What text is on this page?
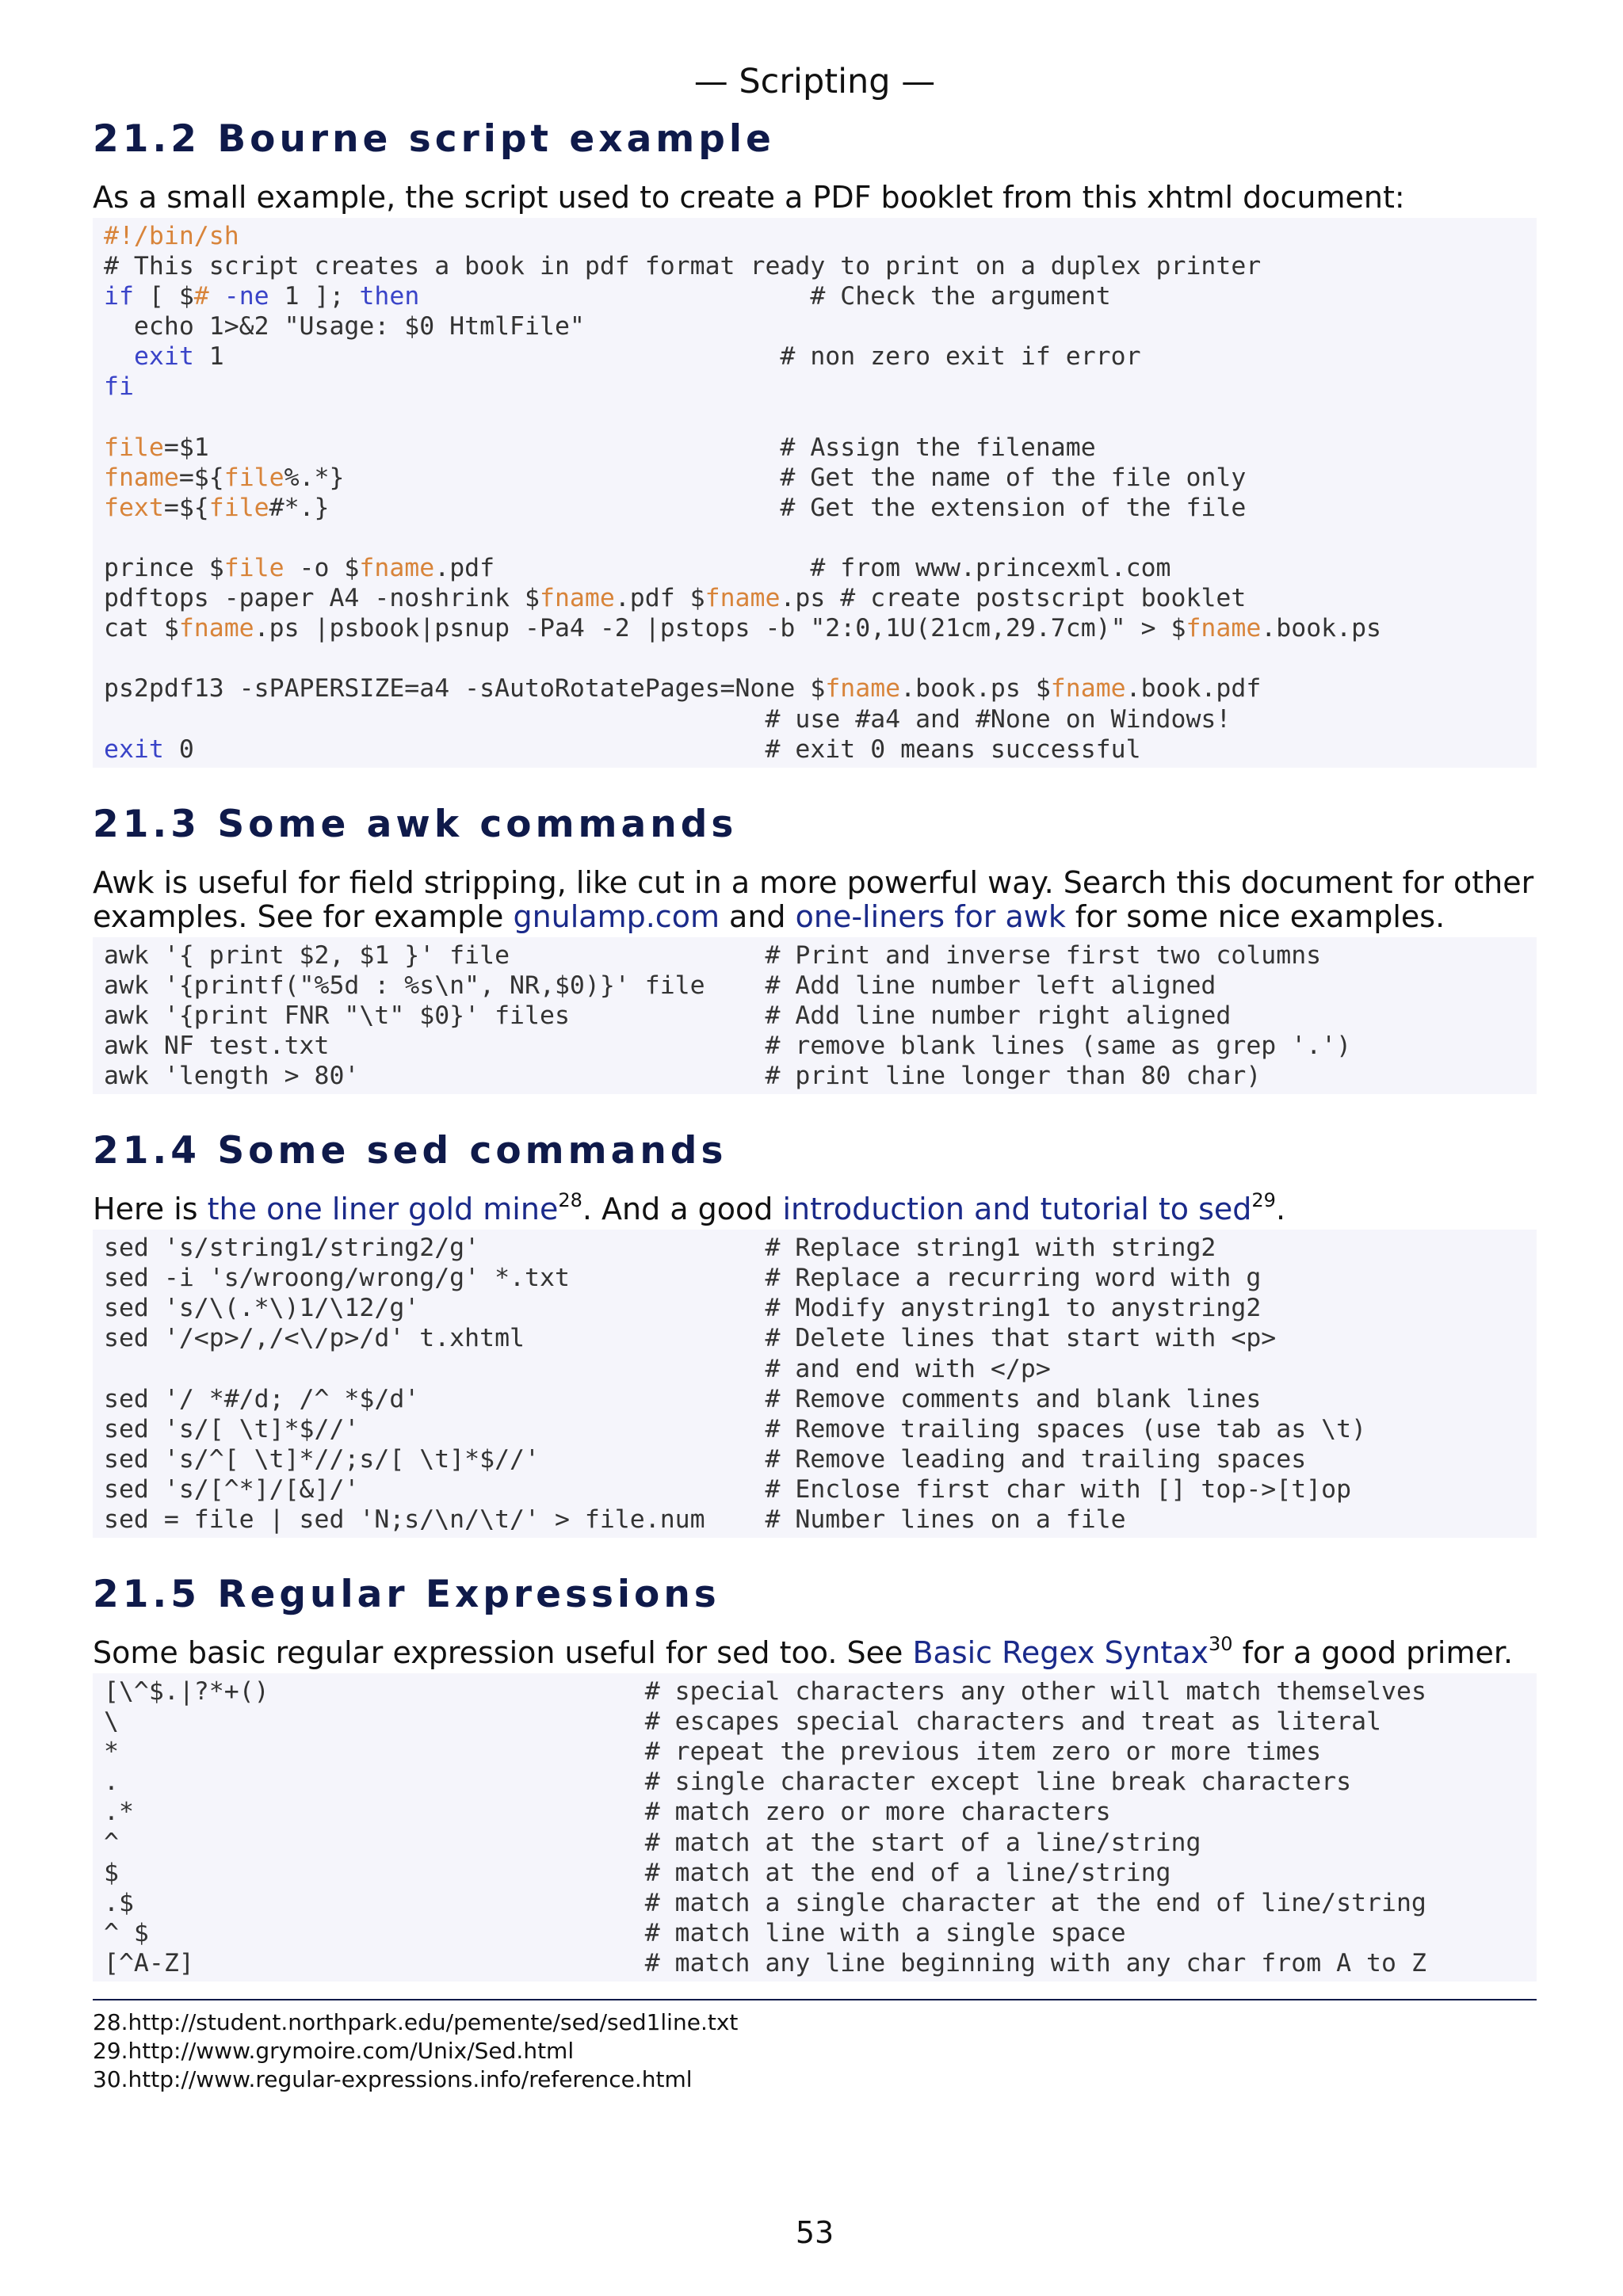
— Scripting —
21.2 Bourne script example

As a small example, the script used to create a PDF booklet from this xhtml document:

#!/bin/sh
# This script creates a book in pdf format ready to print on a duplex printer
if [ $# -ne 1 ]; then                          # Check the argument
echo 1>&2 "Usage: $0 HtmlFile"
exit 1                                     # non zero exit if error
fi
file=$1                                      # Assign the filename
fname=${file%.*}                             # Get the name of the file only
fext=${file#*.}                              # Get the extension of the file
prince $file -o $fname.pdf                     # from www.princexml.com
pdftops -paper A4 -noshrink $fname.pdf $fname.ps # create postscript booklet
cat $fname.ps |psbook|psnup -Pa4 -2 |pstops -b "2:0,1U(21cm,29.7cm)" > $fname.book.ps
ps2pdf13 -sPAPERSIZE=a4 -sAutoRotatePages=None $fname.book.ps $fname.book.pdf
# use #a4 and #None on Windows!
exit 0                                      # exit 0 means successful
21.3 Some awk commands

Awk is useful for field stripping, like cut in a more powerful way. Search this document for other examples. See for example gnulamp.com and one-liners for awk for some nice examples.

awk '{ print $2, $1 }' file	# Print and inverse first two columns
awk '{printf("%5d : %s\n", NR,$0)}' file # Add line number left aligned
awk '{print FNR "\t" $0}' files	# Add line number right aligned
awk NF test.txt	# remove blank lines (same as grep '.')
awk 'length > 80'	# print line longer than 80 char)
21.4 Some sed commands

Here is the one liner gold mine$^{28}$. And a good introduction and tutorial to sed$^{29}$.

sed 's/string1/string2/g'	# Replace string1 with string2
sed -i 's/wroong/wrong/g' *.txt	# Replace a recurring word with g
sed 's/\(.*\)1/\12/g'	# Modify anystring1 to anystring2
sed '/<p>/,/<\/p>/d' t.xhtml	# Delete lines that start with <p>
# and end with </p>
sed '/ *#/d; /^ *$/d'	# Remove comments and blank lines
sed 's/[ \t]*$//'	# Remove trailing spaces (use tab as \t)
sed 's/^[ \t]*//;s/[ \t]*$//'	# Remove leading and trailing spaces
sed 's/[^*]/[&]/'	# Enclose first char with [] top->[t]op
sed = file | sed 'N;s/\n/\t/' > file.num # Number lines on a file
21.5 Regular Expressions

Some basic regular expression useful for sed too. See Basic Regex Syntax$^{30}$ for a good primer.

[\^$.|?*+()	# special characters any other will match themselves
\	# escapes special characters and treat as literal
*	# repeat the previous item zero or more times
.	# single character except line break characters
.*	# match zero or more characters
^	# match at the start of a line/string
$	# match at the end of a line/string
.$	# match a single character at the end of line/string
^ $	# match line with a single space
[^A-Z]	# match any line beginning with any char from A to Z
28.http://student.northpark.edu/pemente/sed/sed1line.txt
29.http://www.grymoire.com/Unix/Sed.html
30.http://www.regular-expressions.info/reference.html
53
